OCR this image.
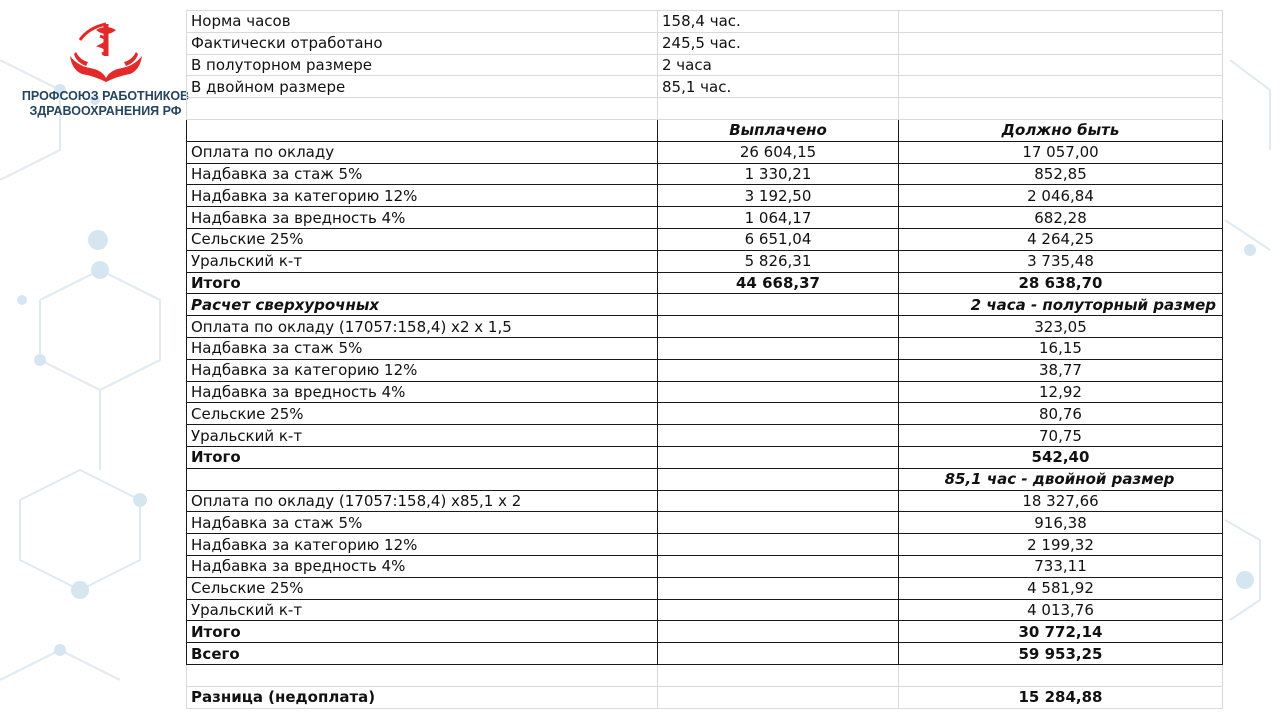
ПРОФСОЮЗ РАБОТНИКОВ
ЗДРАВООХРАНЕНИЯ РФ
Норма часов	158,4 час.	
Фактически отработано	245,5 час.	
В полуторном размере	2 часа	
В двойном размере	85,1 час.	

	Выплачено	Должно быть
Оплата по окладу	26 604,15	17 057,00
Надбавка за стаж 5%	1 330,21	852,85
Надбавка за категорию 12%	3 192,50	2 046,84
Надбавка за вредность 4%	1 064,17	682,28
Сельские 25%	6 651,04	4 264,25
Уральский к-т	5 826,31	3 735,48
Итого	44 668,37	28 638,70
Расчет сверхурочных		2 часа - полуторный размер
Оплата по окладу (17057:158,4) х2 х 1,5		323,05
Надбавка за стаж 5%		16,15
Надбавка за категорию 12%		38,77
Надбавка за вредность 4%		12,92
Сельские 25%		80,76
Уральский к-т		70,75
Итого		542,40
		85,1 час - двойной размер
Оплата по окладу (17057:158,4) х85,1 х 2		18 327,66
Надбавка за стаж 5%		916,38
Надбавка за категорию 12%		2 199,32
Надбавка за вредность 4%		733,11
Сельские 25%		4 581,92
Уральский к-т		4 013,76
Итого		30 772,14
Всего		59 953,25

Разница (недоплата)		15 284,88
